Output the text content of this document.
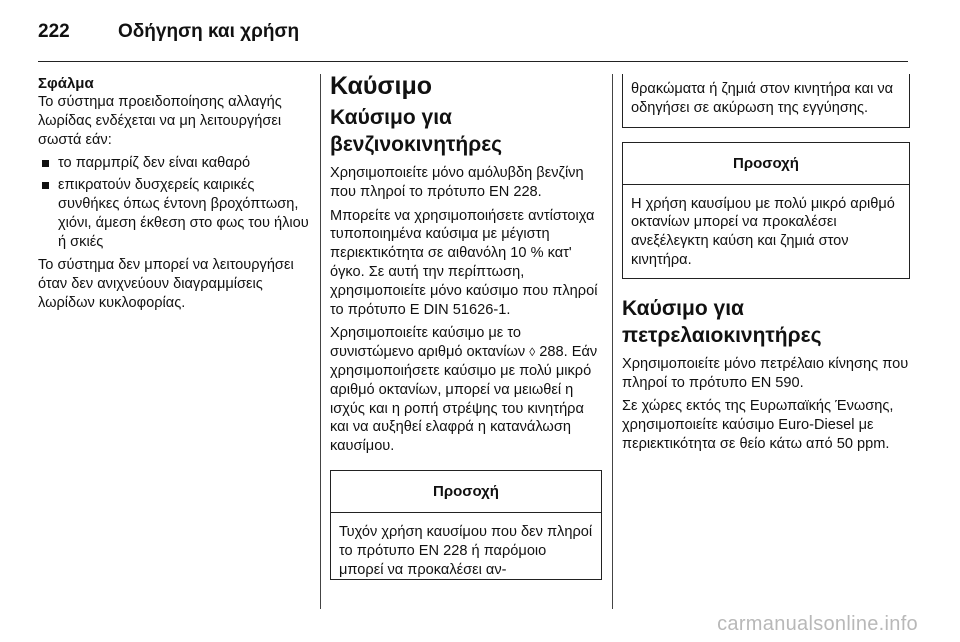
222	Οδήγηση και χρήση
Σφάλμα

Το σύστημα προειδοποίησης αλλαγής λωρίδας ενδέχεται να μη λειτουργήσει σωστά εάν:

το παρμπρίζ δεν είναι καθαρό
επικρατούν δυσχερείς καιρικές συνθήκες όπως έντονη βροχόπτωση, χιόνι, άμεση έκθεση στο φως του ήλιου ή σκιές

Το σύστημα δεν μπορεί να λειτουργήσει όταν δεν ανιχνεύουν διαγραμμίσεις λωρίδων κυκλοφορίας.

Καύσιμο
Καύσιμο για βενζινοκινητήρες

Χρησιμοποιείτε μόνο αμόλυβδη βενζίνη που πληροί το πρότυπο EN 228.

Μπορείτε να χρησιμοποιήσετε αντίστοιχα τυποποιημένα καύσιμα με μέγιστη περιεκτικότητα σε αιθανόλη 10 % κατ' όγκο. Σε αυτή την περίπτωση, χρησιμοποιείτε μόνο καύσιμο που πληροί το πρότυπο E DIN 51626-1.

Χρησιμοποιείτε καύσιμο με το συνιστώμενο αριθμό οκτανίων ◊ 288. Εάν χρησιμοποιήσετε καύσιμο με πολύ μικρό αριθμό οκτανίων, μπορεί να μειωθεί η ισχύς και η ροπή στρέψης του κινητήρα και να αυξηθεί ελαφρά η κατανάλωση καυσίμου.

Προσοχή

Τυχόν χρήση καυσίμου που δεν πληροί το πρότυπο EN 228 ή παρόμοιο μπορεί να προκαλέσει αν-

θρακώματα ή ζημιά στον κινητήρα και να οδηγήσει σε ακύρωση της εγγύησης.

Προσοχή

Η χρήση καυσίμου με πολύ μικρό αριθμό οκτανίων μπορεί να προκαλέσει ανεξέλεγκτη καύση και ζημιά στον κινητήρα.

Καύσιμο για πετρελαιοκινητήρες

Χρησιμοποιείτε μόνο πετρέλαιο κίνησης που πληροί το πρότυπο EN 590.

Σε χώρες εκτός της Ευρωπαϊκής Ένωσης, χρησιμοποιείτε καύσιμο Euro-Diesel με περιεκτικότητα σε θείο κάτω από 50 ppm.

carmanualsonline.info
